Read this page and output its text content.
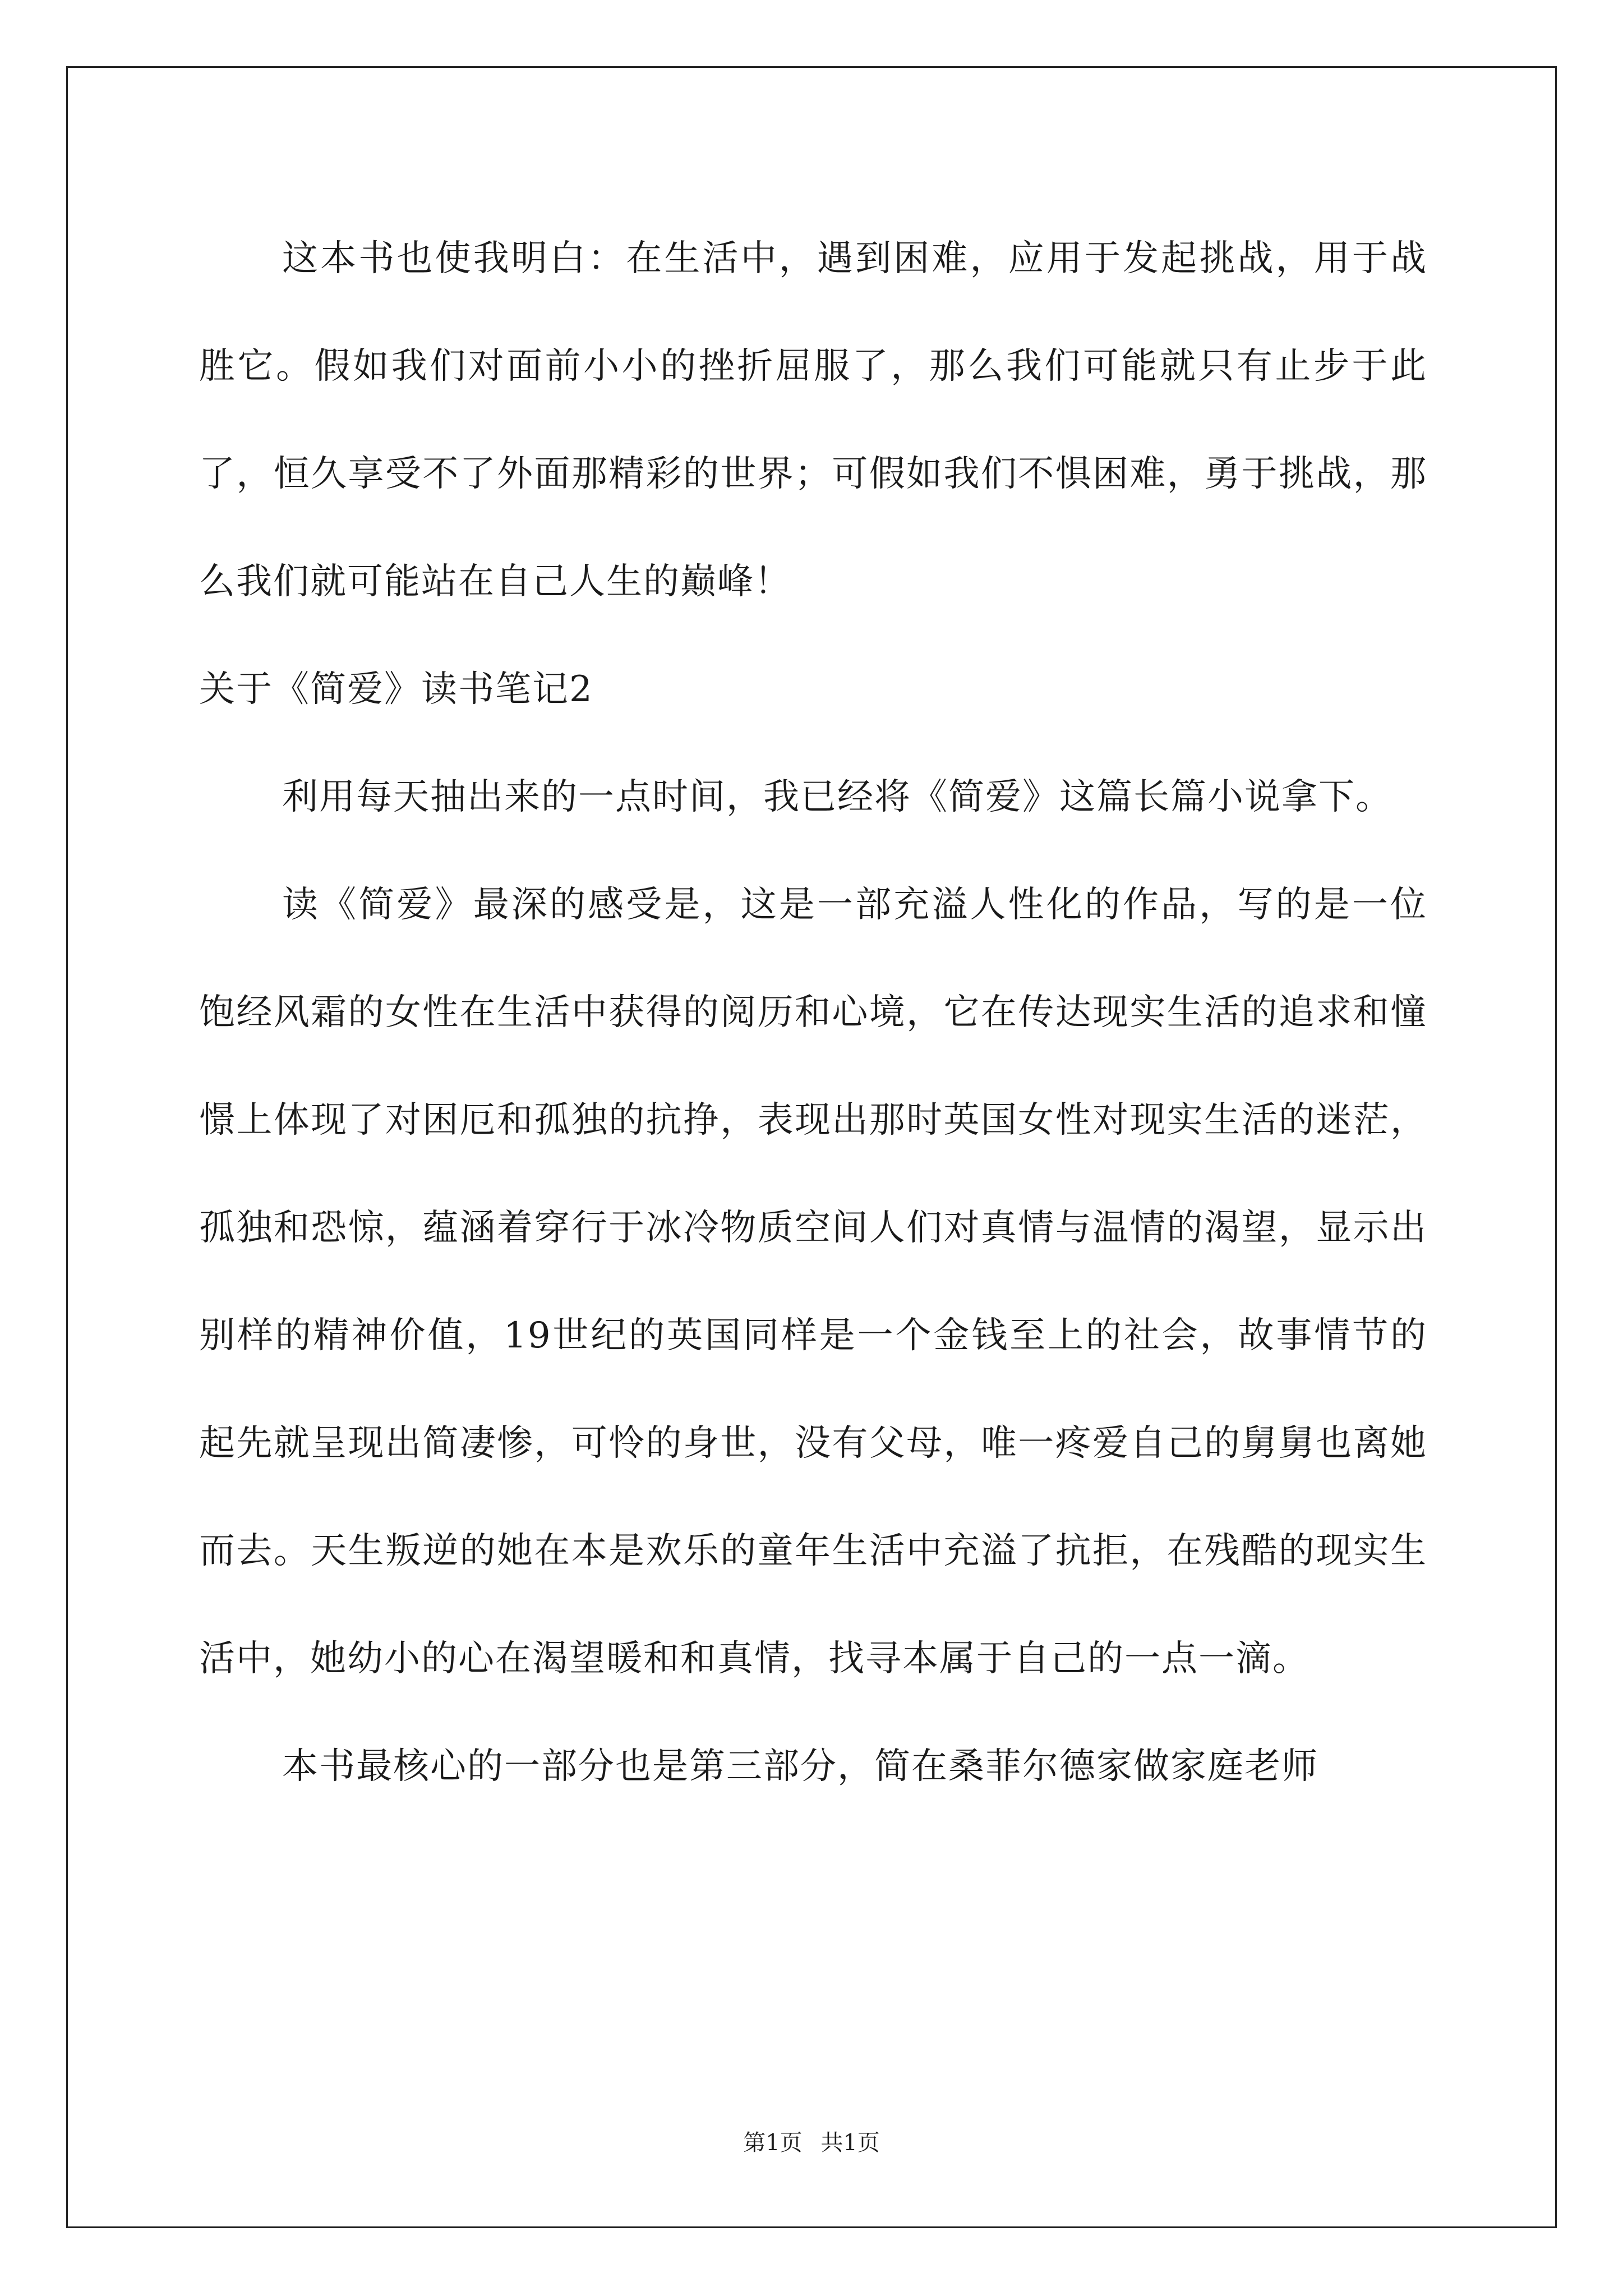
这本书也使我明白：在生活中，遇到困难，应用于发起挑战，用于战胜它。假如我们对面前小小的挫折屈服了，那么我们可能就只有止步于此了，恒久享受不了外面那精彩的世界；可假如我们不惧困难，勇于挑战，那么我们就可能站在自己人生的巅峰！

关于《简爱》读书笔记2

利用每天抽出来的一点时间，我已经将《简爱》这篇长篇小说拿下。

读《简爱》最深的感受是，这是一部充溢人性化的作品，写的是一位饱经风霜的女性在生活中获得的阅历和心境，它在传达现实生活的追求和憧憬上体现了对困厄和孤独的抗挣，表现出那时英国女性对现实生活的迷茫，孤独和恐惊，蕴涵着穿行于冰冷物质空间人们对真情与温情的渴望，显示出别样的精神价值，19世纪的英国同样是一个金钱至上的社会，故事情节的起先就呈现出简凄惨，可怜的身世，没有父母，唯一疼爱自己的舅舅也离她而去。天生叛逆的她在本是欢乐的童年生活中充溢了抗拒，在残酷的现实生活中，她幼小的心在渴望暖和和真情，找寻本属于自己的一点一滴。

本书最核心的一部分也是第三部分，简在桑菲尔德家做家庭老师

第1页 共1页
